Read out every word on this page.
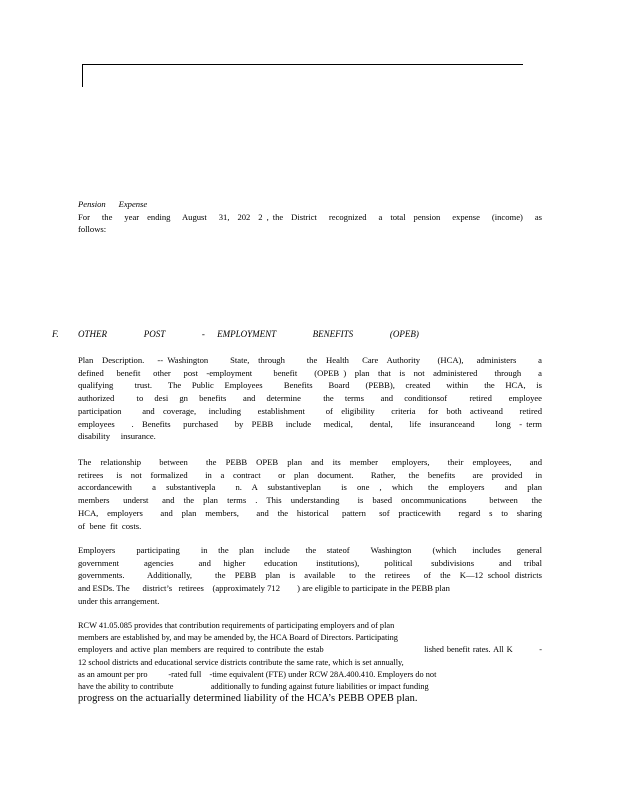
Pension      Expense
For   the   year  ending   August   31,  202  2 , the  District   recognized   a  total  pension   expense   (income)   as
follows:
F. OTHER   POST   - EMPLOYMENT   BENEFITS   (OPEB)
Plan  Description.   -- Washington     State,  through     the  Health   Care  Authority    (HCA),   administers     a
defined   benefit   other   post  -employment     benefit    (OPEB )  plan  that  is  not  administered    through    a
qualifying    trust.   The  Public  Employees    Benefits   Board   (PEBB),  created   within   the  HCA,  is
authorized    to  desi  gn  benefits   and  determine    the  terms   and  conditionsof    retired   employee
participation     and  coverage,   including    establishment     of  eligibility    criteria   for  both  activeand    retired
employees    .  Benefits   purchased    by  PEBB   include   medical,    dental,    life  insuranceand     long  - term
disability     insurance.
The  relationship    between    the  PEBB  OPEB  plan  and  its  member   employers,    their  employees,    and
retirees   is  not  formalized    in  a  contract    or  plan  document.    Rather,   the  benefits    are  provided   in
accordancewith    a  substantivepla    n.  A  substantiveplan    is  one  ,  which   the  employers    and  plan
members   underst   and  the  plan  terms  .  This  understanding    is  based  oncommunications     between   the
HCA,  employers    and  plan  members,    and  the  historical   pattern   sof  practicewith    regard  s  to  sharing
of  bene  fit  costs.
Employers    participating    in  the  plan  include   the  stateof    Washington    (which   includes   general
government    agencies    and  higher   education   institutions),    political   subdivisions    and  tribal
governments.     Additionally,     the  PEBB  plan  is  available   to  the  retirees   of  the  K—12 school districts
and ESDs. The      district’s   retirees    (approximately 712        ) are eligible to participate in the PEBB plan
under this arrangement.
RCW 41.05.085 provides that contribution requirements of participating employers and of plan
members are established by, and may be amended by, the HCA Board of Directors. Participating
employers and active plan members are required to contribute the estab                                  lished benefit rates. All K         -
12 school districts and educational service districts contribute the same rate, which is set annually,
as an amount per pro          -rated full    -time equivalent (FTE) under RCW 28A.400.410. Employers do not
have the ability to contribute                  additionally to funding against future liabilities or impact funding
progress on the actuarially determined liability of the HCA’s PEBB OPEB plan.
